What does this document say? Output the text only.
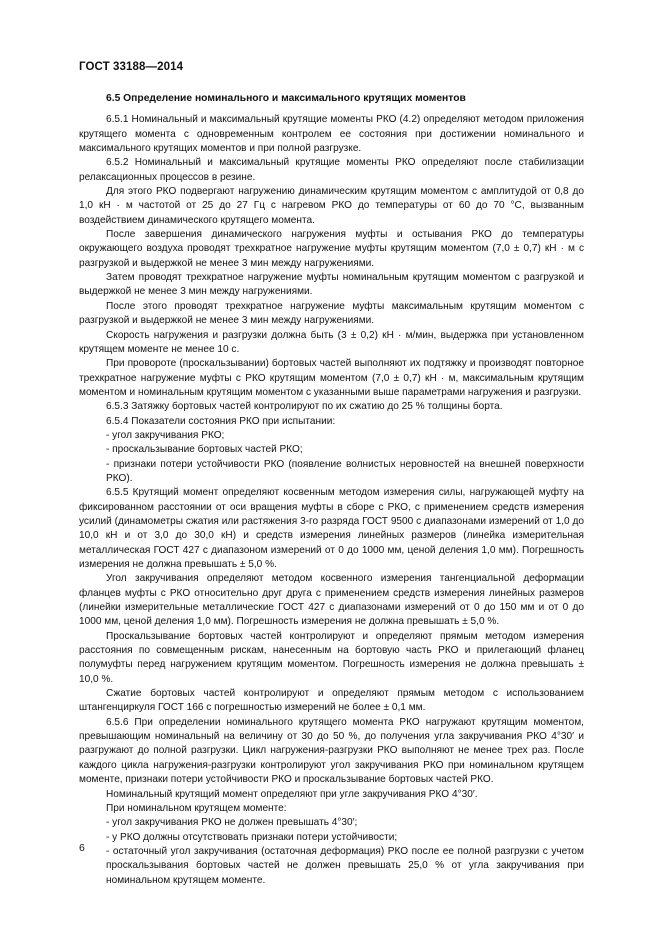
ГОСТ 33188—2014

6.5 Определение номинального и максимального крутящих моментов

6.5.1 Номинальный и максимальный крутящие моменты РКО (4.2) определяют методом приложения крутящего момента с одновременным контролем ее состояния при достижении номинального и максимального крутящих моментов и при полной разгрузке.

6.5.2 Номинальный и максимальный крутящие моменты РКО определяют после стабилизации релаксационных процессов в резине.

Для этого РКО подвергают нагружению динамическим крутящим моментом с амплитудой от 0,8 до 1,0 кН · м частотой от 25 до 27 Гц с нагревом РКО до температуры от 60 до 70 °С, вызванным воздействием динамического крутящего момента.

После завершения динамического нагружения муфты и остывания РКО до температуры окружающего воздуха проводят трехкратное нагружение муфты крутящим моментом (7,0 ± 0,7) кН · м с разгрузкой и выдержкой не менее 3 мин между нагружениями.

Затем проводят трехкратное нагружение муфты номинальным крутящим моментом с разгрузкой и выдержкой не менее 3 мин между нагружениями.

После этого проводят трехкратное нагружение муфты максимальным крутящим моментом с разгрузкой и выдержкой не менее 3 мин между нагружениями.

Скорость нагружения и разгрузки должна быть (3 ± 0,2) кН · м/мин, выдержка при установленном крутящем моменте не менее 10 с.

При провороте (проскальзывании) бортовых частей выполняют их подтяжку и производят повторное трехкратное нагружение муфты с РКО крутящим моментом (7,0 ± 0,7) кН · м, максимальным крутящим моментом и номинальным крутящим моментом с указанными выше параметрами нагружения и разгрузки.

6.5.3 Затяжку бортовых частей контролируют по их сжатию до 25 % толщины борта.

6.5.4 Показатели состояния РКО при испытании:

- угол закручивания РКО;

- проскальзывание бортовых частей РКО;

- признаки потери устойчивости РКО (появление волнистых неровностей на внешней поверхности РКО).

6.5.5 Крутящий момент определяют косвенным методом измерения силы, нагружающей муфту на фиксированном расстоянии от оси вращения муфты в сборе с РКО, с применением средств измерения усилий (динамометры сжатия или растяжения 3-го разряда ГОСТ 9500 с диапазонами измерений от 1,0 до 10,0 кН и от 3,0 до 30,0 кН) и средств измерения линейных размеров (линейка измерительная металлическая ГОСТ 427 с диапазоном измерений от 0 до 1000 мм, ценой деления 1,0 мм). Погрешность измерения не должна превышать ± 5,0 %.

Угол закручивания определяют методом косвенного измерения тангенциальной деформации фланцев муфты с РКО относительно друг друга с применением средств измерения линейных размеров (линейки измерительные металлические ГОСТ 427 с диапазонами измерений от 0 до 150 мм и от 0 до 1000 мм, ценой деления 1,0 мм). Погрешность измерения не должна превышать ± 5,0 %.

Проскальзывание бортовых частей контролируют и определяют прямым методом измерения расстояния по совмещенным рискам, нанесенным на бортовую часть РКО и прилегающий фланец полумуфты перед нагружением крутящим моментом. Погрешность измерения не должна превышать ± 10,0 %.

Сжатие бортовых частей контролируют и определяют прямым методом с использованием штангенциркуля ГОСТ 166 с погрешностью измерений не более ± 0,1 мм.

6.5.6 При определении номинального крутящего момента РКО нагружают крутящим моментом, превышающим номинальный на величину от 30 до 50 %, до получения угла закручивания РКО 4°30′ и разгружают до полной разгрузки. Цикл нагружения-разгрузки РКО выполняют не менее трех раз. После каждого цикла нагружения-разгрузки контролируют угол закручивания РКО при номинальном крутящем моменте, признаки потери устойчивости РКО и проскальзывание бортовых частей РКО.

Номинальный крутящий момент определяют при угле закручивания РКО 4°30′.

При номинальном крутящем моменте:

- угол закручивания РКО не должен превышать 4°30′;

- у РКО должны отсутствовать признаки потери устойчивости;

- остаточный угол закручивания (остаточная деформация) РКО после ее полной разгрузки с учетом проскальзывания бортовых частей не должен превышать 25,0 % от угла закручивания при номинальном крутящем моменте.

6
